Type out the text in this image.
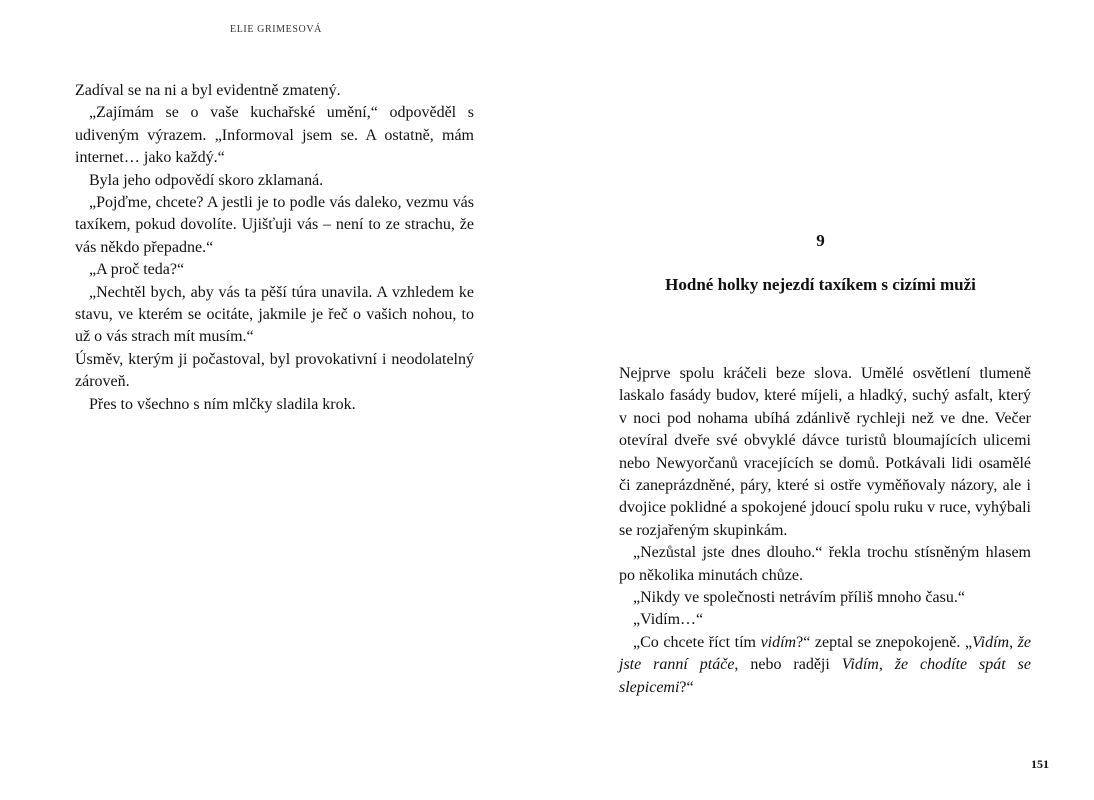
ELIE GRIMESOVÁ

Zadíval se na ni a byl evidentně zmatený.

„Zajímám se o vaše kuchařské umění,“ odpověděl s udiveným výrazem. „Informoval jsem se. A ostatně, mám internet… jako každý.“

Byla jeho odpovědí skoro zklamaná.

„Pojďme, chcete? A jestli je to podle vás daleko, vezmu vás taxíkem, pokud dovolíte. Ujišťuji vás – není to ze strachu, že vás někdo přepadne.“

„A proč teda?“

„Nechtěl bych, aby vás ta pěší túra unavila. A vzhledem ke stavu, ve kterém se ocitáte, jakmile je řeč o vašich nohou, to už o vás strach mít musím.“

Úsměv, kterým ji počastoval, byl provokativní i neodolatelný zároveň.

Přes to všechno s ním mlčky sladila krok.

9
Hodné holky nejezdí taxíkem s cizími muži

Nejprve spolu kráčeli beze slova. Umělé osvětlení tlumeně laskalo fasády budov, které míjeli, a hladký, suchý asfalt, který v noci pod nohama ubíhá zdánlivě rychleji než ve dne. Večer otevíral dveře své obvyklé dávce turistů bloumajících ulicemi nebo Newyorčanů vracejících se domů. Potkávali lidi osamělé či zaneprázdněné, páry, které si ostře vyměňovaly názory, ale i dvojice poklidné a spokojené jdoucí spolu ruku v ruce, vyhýbali se rozjařeným skupinkám.

„Nezůstal jste dnes dlouho.“ řekla trochu stísněným hlasem po několika minutách chůze.

„Nikdy ve společnosti netrávím příliš mnoho času.“

„Vidím…“

„Co chcete říct tím vidím?“ zeptal se znepokojeně. „Vidím, že jste ranní ptáče, nebo raději Vidím, že chodíte spát se slepicemi?“

151
